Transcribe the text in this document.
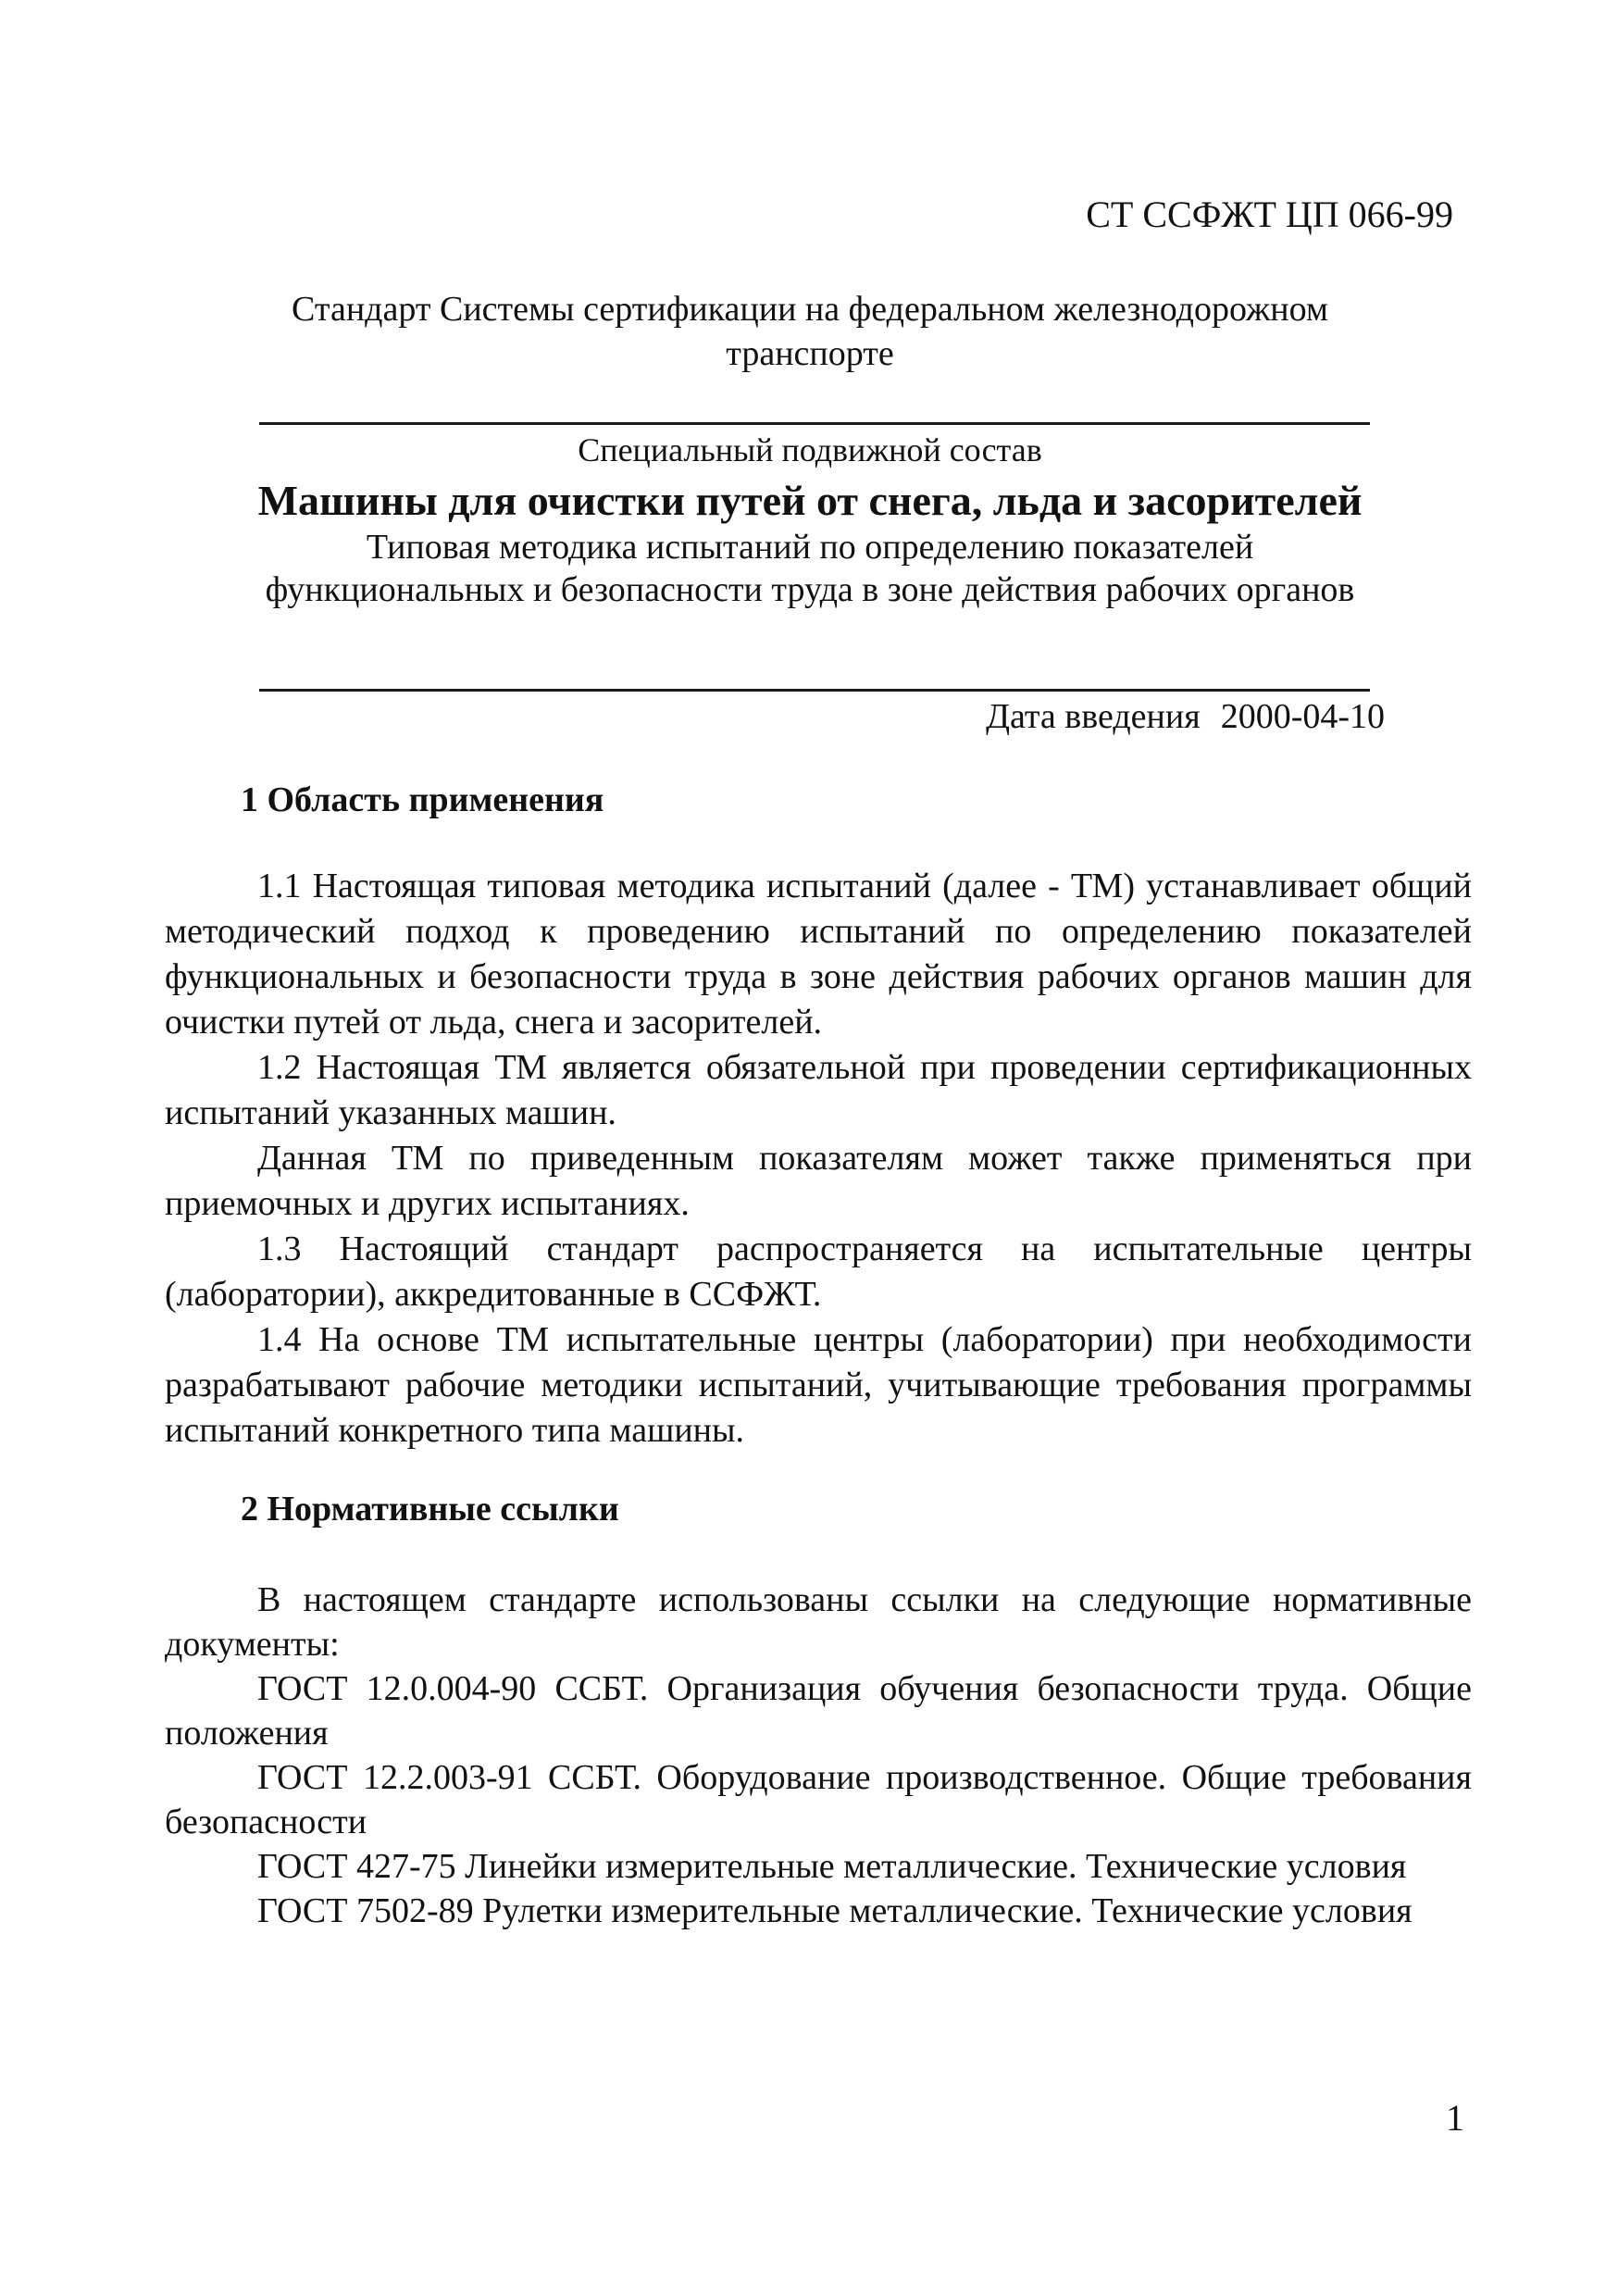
СТ ССФЖТ ЦП 066-99
Стандарт Системы сертификации на федеральном железнодорожном транспорте
Специальный подвижной состав
Машины для очистки путей от снега, льда и засорителей
Типовая методика испытаний по определению показателей функциональных и безопасности труда в зоне действия рабочих органов
Дата введения 2000-04-10
1 Область применения

1.1 Настоящая типовая методика испытаний (далее - ТМ) устанавливает общий методический подход к проведению испытаний по определению показателей функциональных и безопасности труда в зоне действия рабочих органов машин для очистки путей от льда, снега и засорителей.

1.2 Настоящая ТМ является обязательной при проведении сертификационных испытаний указанных машин.

Данная ТМ по приведенным показателям может также применяться при приемочных и других испытаниях.

1.3 Настоящий стандарт распространяется на испытательные центры (лаборатории), аккредитованные в ССФЖТ.

1.4 На основе ТМ испытательные центры (лаборатории) при необходимости разрабатывают рабочие методики испытаний, учитывающие требования программы испытаний конкретного типа машины.

2 Нормативные ссылки

В настоящем стандарте использованы ссылки на следующие нормативные документы:

ГОСТ 12.0.004-90 ССБТ. Организация обучения безопасности труда. Общие положения

ГОСТ 12.2.003-91 ССБТ. Оборудование производственное. Общие требования безопасности

ГОСТ 427-75 Линейки измерительные металлические. Технические условия

ГОСТ 7502-89 Рулетки измерительные металлические. Технические условия

1
